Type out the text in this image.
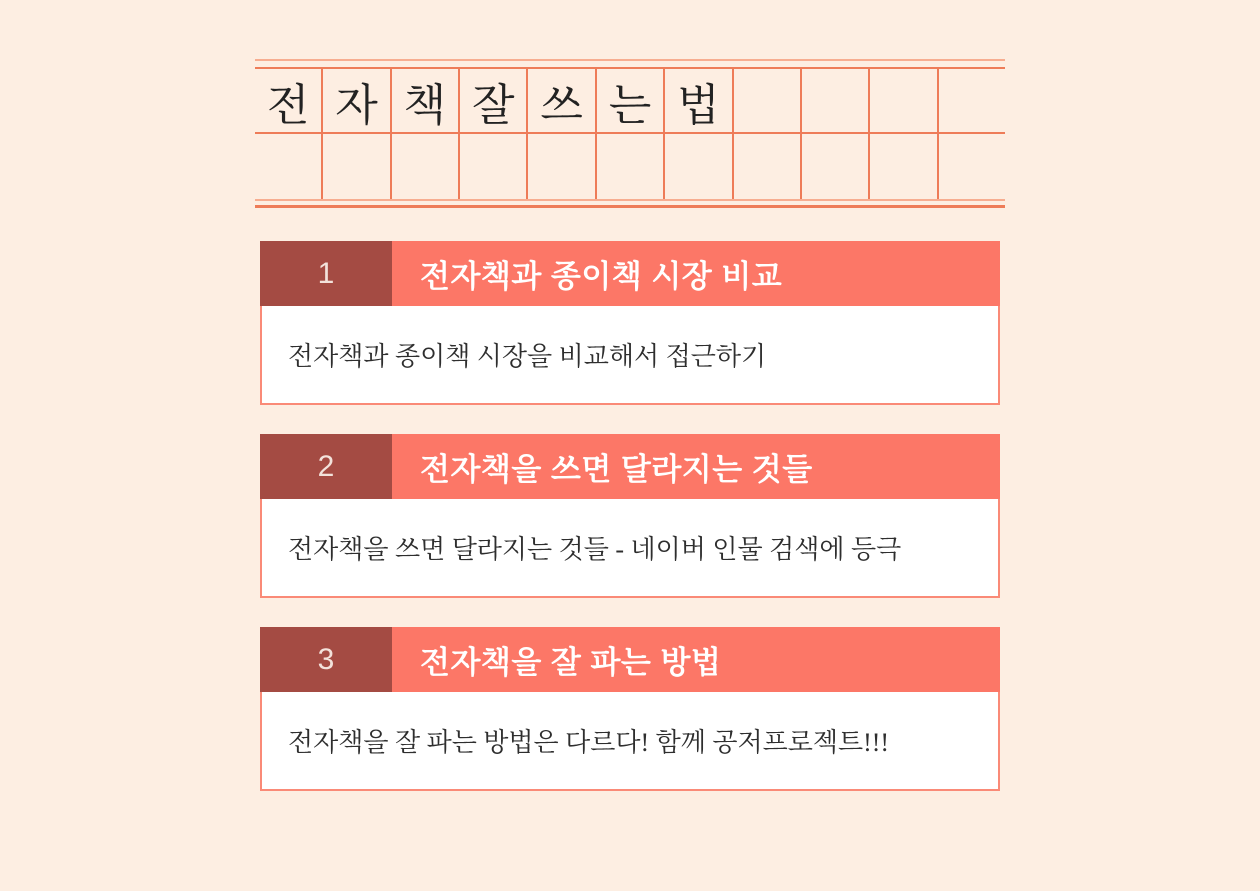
전 자 책 잘 쓰 는 법
1	전자책과 종이책 시장 비교
전자책과 종이책 시장을 비교해서 접근하기
2	전자책을 쓰면 달라지는 것들
전자책을 쓰면 달라지는 것들 - 네이버 인물 검색에 등극
3	전자책을 잘 파는 방법
전자책을 잘 파는 방법은 다르다! 함께 공저프로젝트!!!
